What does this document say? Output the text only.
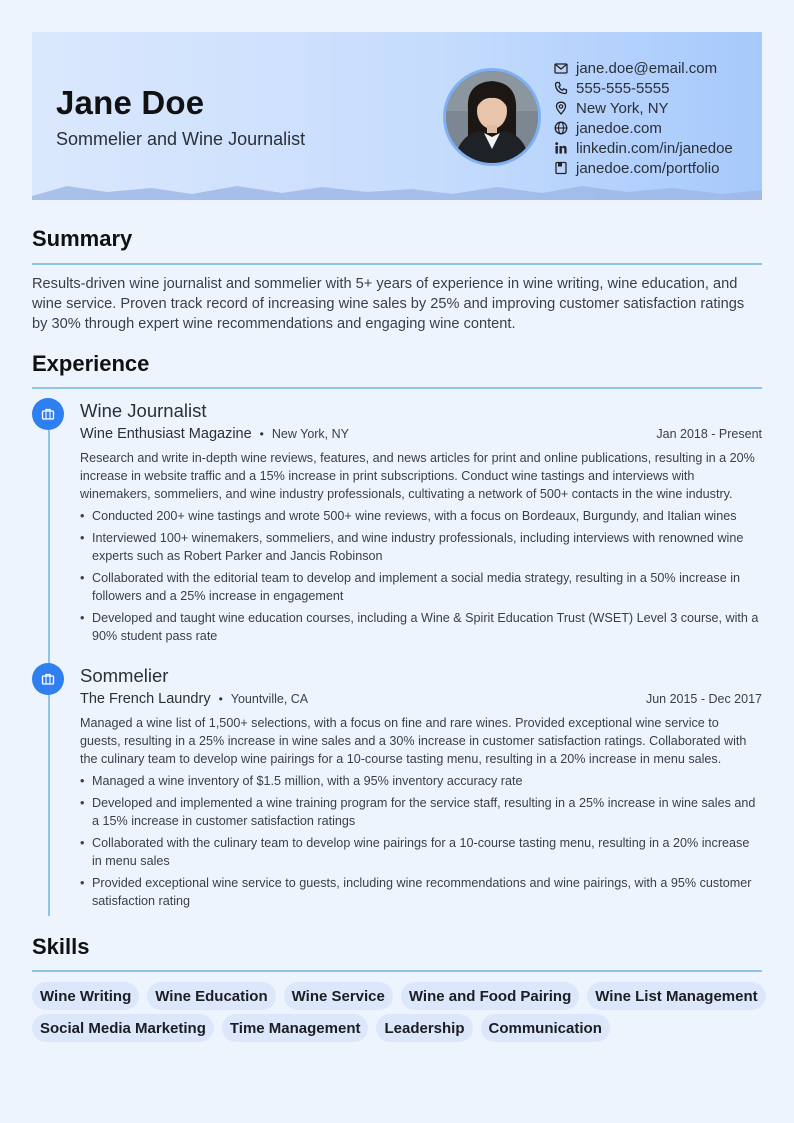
Jane Doe
Sommelier and Wine Journalist
jane.doe@email.com
555-555-5555
New York, NY
janedoe.com
linkedin.com/in/janedoe
janedoe.com/portfolio
Summary
Results-driven wine journalist and sommelier with 5+ years of experience in wine writing, wine education, and wine service. Proven track record of increasing wine sales by 25% and improving customer satisfaction ratings by 30% through expert wine recommendations and engaging wine content.
Experience
Wine Journalist
Wine Enthusiast Magazine • New York, NY	Jan 2018 - Present
Research and write in-depth wine reviews, features, and news articles for print and online publications, resulting in a 20% increase in website traffic and a 15% increase in print subscriptions. Conduct wine tastings and interviews with winemakers, sommeliers, and wine industry professionals, cultivating a network of 500+ contacts in the wine industry.
• Conducted 200+ wine tastings and wrote 500+ wine reviews, with a focus on Bordeaux, Burgundy, and Italian wines
• Interviewed 100+ winemakers, sommeliers, and wine industry professionals, including interviews with renowned wine experts such as Robert Parker and Jancis Robinson
• Collaborated with the editorial team to develop and implement a social media strategy, resulting in a 50% increase in followers and a 25% increase in engagement
• Developed and taught wine education courses, including a Wine & Spirit Education Trust (WSET) Level 3 course, with a 90% student pass rate
Sommelier
The French Laundry • Yountville, CA	Jun 2015 - Dec 2017
Managed a wine list of 1,500+ selections, with a focus on fine and rare wines. Provided exceptional wine service to guests, resulting in a 25% increase in wine sales and a 30% increase in customer satisfaction ratings. Collaborated with the culinary team to develop wine pairings for a 10-course tasting menu, resulting in a 20% increase in menu sales.
• Managed a wine inventory of $1.5 million, with a 95% inventory accuracy rate
• Developed and implemented a wine training program for the service staff, resulting in a 25% increase in wine sales and a 15% increase in customer satisfaction ratings
• Collaborated with the culinary team to develop wine pairings for a 10-course tasting menu, resulting in a 20% increase in menu sales
• Provided exceptional wine service to guests, including wine recommendations and wine pairings, with a 95% customer satisfaction rating
Skills
Wine Writing	Wine Education	Wine Service	Wine and Food Pairing	Wine List Management
Social Media Marketing	Time Management	Leadership	Communication
